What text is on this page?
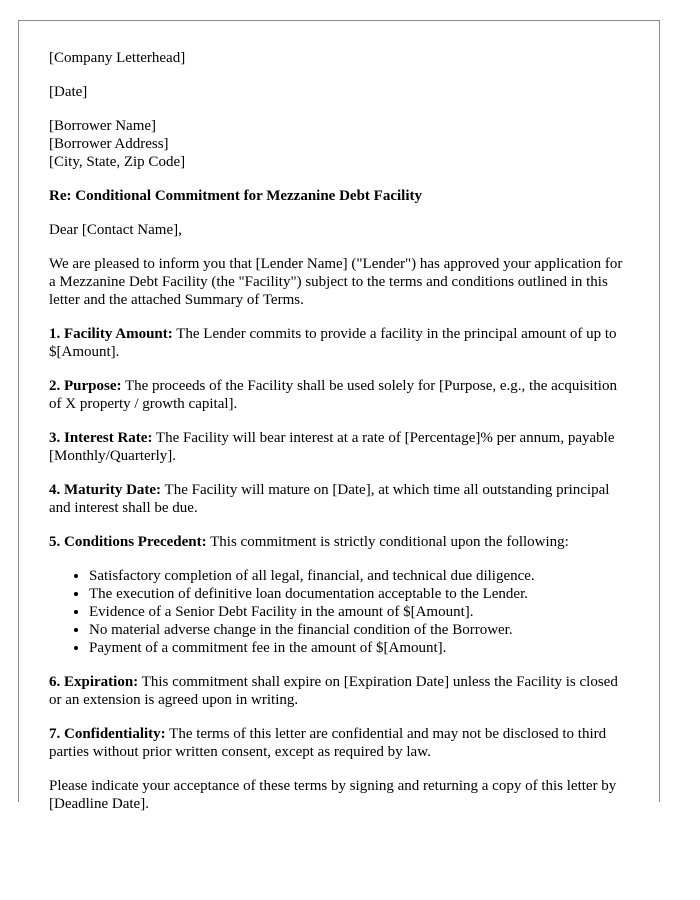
[Company Letterhead]

[Date]

[Borrower Name]
[Borrower Address]
[City, State, Zip Code]

Re: Conditional Commitment for Mezzanine Debt Facility

Dear [Contact Name],

We are pleased to inform you that [Lender Name] ("Lender") has approved your application for a Mezzanine Debt Facility (the "Facility") subject to the terms and conditions outlined in this letter and the attached Summary of Terms.

1. Facility Amount: The Lender commits to provide a facility in the principal amount of up to $[Amount].

2. Purpose: The proceeds of the Facility shall be used solely for [Purpose, e.g., the acquisition of X property / growth capital].

3. Interest Rate: The Facility will bear interest at a rate of [Percentage]% per annum, payable [Monthly/Quarterly].

4. Maturity Date: The Facility will mature on [Date], at which time all outstanding principal and interest shall be due.

5. Conditions Precedent: This commitment is strictly conditional upon the following:

• Satisfactory completion of all legal, financial, and technical due diligence.
• The execution of definitive loan documentation acceptable to the Lender.
• Evidence of a Senior Debt Facility in the amount of $[Amount].
• No material adverse change in the financial condition of the Borrower.
• Payment of a commitment fee in the amount of $[Amount].

6. Expiration: This commitment shall expire on [Expiration Date] unless the Facility is closed or an extension is agreed upon in writing.

7. Confidentiality: The terms of this letter are confidential and may not be disclosed to third parties without prior written consent, except as required by law.

Please indicate your acceptance of these terms by signing and returning a copy of this letter by [Deadline Date].
